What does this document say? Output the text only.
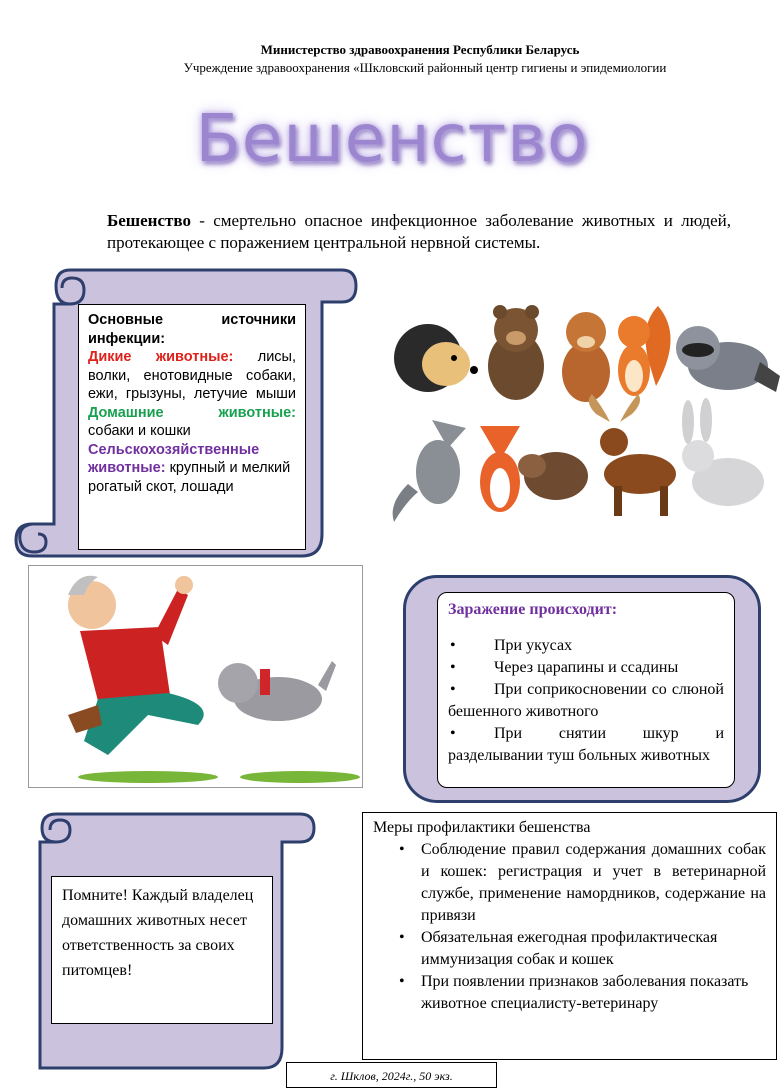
Министерство здравоохранения Республики Беларусь
Учреждение здравоохранения «Шкловский районный центр гигиены и эпидемиологии
Бешенство
Бешенство - смертельно опасное инфекционное заболевание животных и людей, протекающее с поражением центральной нервной системы.
Основные источники инфекции:
Дикие животные: лисы, волки, енотовидные собаки, ежи, грызуны, летучие мыши
Домашние животные:
собаки и кошки
Сельскохозяйственные животные: крупный и мелкий рогатый скот, лошади
Заражение происходит:
•При укусах
•Через царапины и ссадины
•При соприкосновении со слюной бешенного животного
•При снятии шкур и разделывании туш больных животных
Помните! Каждый владелец домашних животных несет ответственность за своих питомцев!
Меры профилактики бешенства
• Соблюдение правил содержания домашних собак и кошек: регистрация и учет в ветеринарной службе, применение намордников, содержание на привязи
• Обязательная ежегодная профилактическая иммунизация собак и кошек
• При появлении признаков заболевания показать животное специалисту-ветеринару
г. Шклов, 2024г., 50 экз.
